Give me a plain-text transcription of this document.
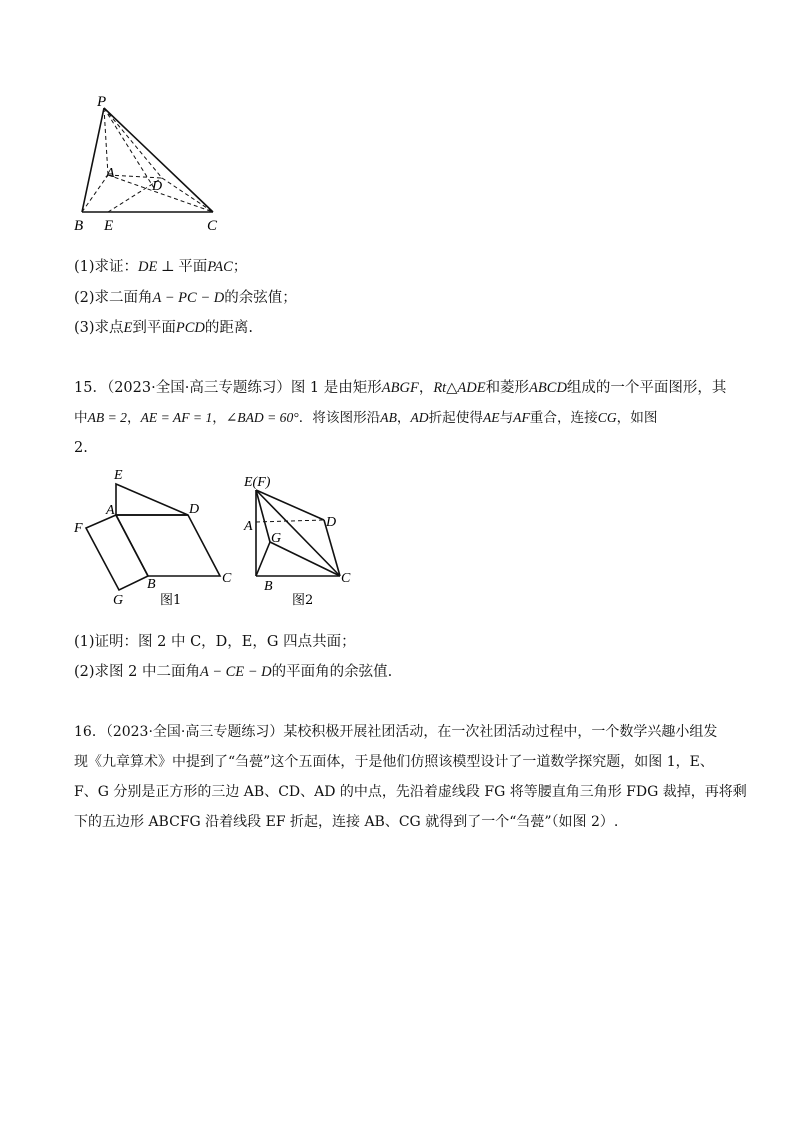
P
A
D
B E	C
(1)求证：DE ⊥ 平面PAC；
(2)求二面角A − PC − D的余弦值；
(3)求点E到平面PCD的距离.
15．（2023·全国·高三专题练习）图 1 是由矩形ABGF，Rt△ADE和菱形ABCD组成的一个平面图形，其
中AB = 2，AE = AF = 1，∠BAD = 60°．将该图形沿AB，AD折起使得AE与AF重合，连接CG，如图
2.
E
A	D
F
B	C
G	图1
E(F)
A	D
G
B
C
图2
(1)证明：图 2 中 C，D，E，G 四点共面；
(2)求图 2 中二面角A − CE − D的平面角的余弦值.
16．（2023·全国·高三专题练习）某校积极开展社团活动，在一次社团活动过程中，一个数学兴趣小组发
现《九章算术》中提到了“刍甍”这个五面体，于是他们仿照该模型设计了一道数学探究题，如图 1，E、
F、G 分别是正方形的三边 AB、CD、AD 的中点，先沿着虚线段 FG 将等腰直角三角形 FDG 裁掉，再将剩
下的五边形 ABCFG 沿着线段 EF 折起，连接 AB、CG 就得到了一个“刍甍”（如图 2）.
